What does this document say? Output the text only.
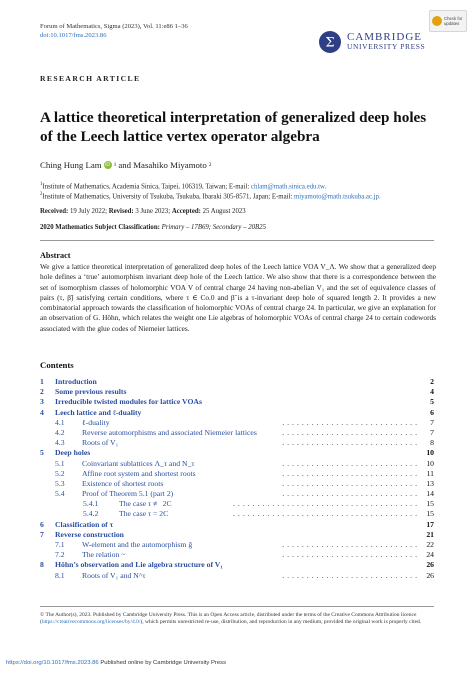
Forum of Mathematics, Sigma (2023), Vol. 11:e86 1–36
doi:10.1017/fms.2023.86	Σ CAMBRIDGE
UNIVERSITY PRESS
Check for
updates
RESEARCH ARTICLE
A lattice theoretical interpretation of generalized deep holes of the Leech lattice vertex operator algebra
Ching Hung Lam iD 1 and Masahiko Miyamoto 2
$^1$Institute of Mathematics, Academia Sinica, Taipei, 106319, Taiwan; E-mail: chlam@math.sinica.edu.tw.
$^2$Institute of Mathematics, University of Tsukuba, Tsukuba, Ibaraki 305-8571, Japan; E-mail: miyamoto@math.tsukuba.ac.jp.
Received: 19 July 2022; Revised: 3 June 2023; Accepted: 25 August 2023
2020 Mathematics Subject Classification: Primary – 17B69; Secondary – 20B25
Abstract
We give a lattice theoretical interpretation of generalized deep holes of the Leech lattice VOA V_Λ. We show that a generalized deep hole defines a ‘true’ automorphism invariant deep hole of the Leech lattice. We also show that there is a correspondence between the set of isomorphism classes of holomorphic VOA V of central charge 24 having non-abelian V₁ and the set of equivalence classes of pairs (τ, β̃) satisfying certain conditions, where τ ∈ Co.0 and β̃ is a τ-invariant deep hole of squared length 2. It provides a new combinatorial approach towards the classification of holomorphic VOAs of central charge 24. In particular, we give an explanation for an observation of G. Höhn, which relates the weight one Lie algebras of holomorphic VOAs of central charge 24 to certain codewords associated with the glue codes of Niemeier lattices.
Contents
1 Introduction	2
2 Some previous results	4
3 Irreducible twisted modules for lattice VOAs	5
4 Leech lattice and ℓ-duality	6
4.1 ℓ-duality	............................ 7
4.2 Reverse automorphisms and associated Niemeier lattices	............................ 7
4.3 Roots of V₁	............................ 8
5 Deep holes	10
5.1 Coinvariant sublattices Λ_τ and N_τ	............................ 10
5.2 Affine root system and shortest roots	............................ 11
5.3 Existence of shortest roots	............................ 13
5.4 Proof of Theorem 5.1 (part 2)	............................ 14
5.4.1	The case τ ≢ 2C	...................................... 15
5.4.2	The case τ = 2C	...................................... 15
6 Classification of τ	17
7 Reverse construction	21
7.1 W-element and the automorphism ĝ	............................ 22
7.2 The relation ~	............................ 24
8 Höhn’s observation and Lie algebra structure of V₁	26
8.1 Roots of V₁ and N^τ	............................ 26
© The Author(s), 2023. Published by Cambridge University Press. This is an Open Access article, distributed under the terms of the Creative Commons Attribution licence (https://creativecommons.org/licenses/by/4.0/), which permits unrestricted re-use, distribution, and reproduction in any medium, provided the original work is properly cited.
https://doi.org/10.1017/fms.2023.86 Published online by Cambridge University Press
